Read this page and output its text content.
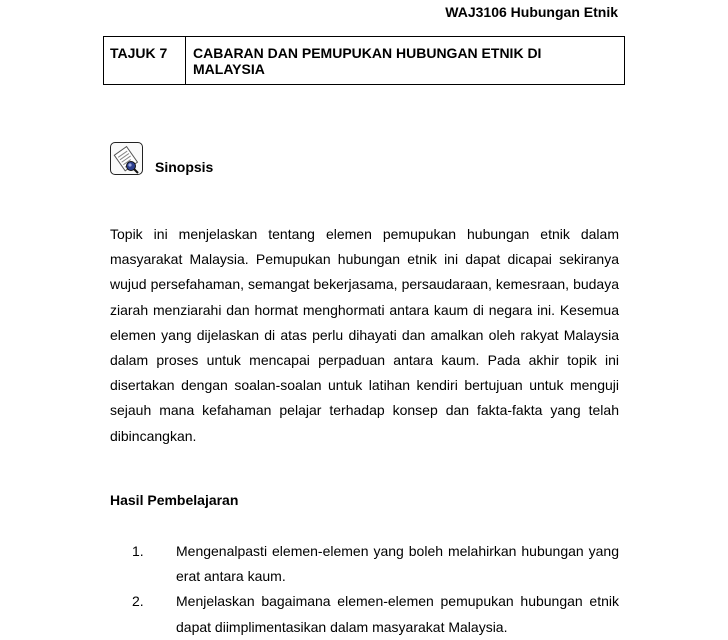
WAJ3106 Hubungan Etnik
TAJUK 7	CABARAN DAN PEMUPUKAN HUBUNGAN ETNIK DI MALAYSIA
Sinopsis
Topik ini menjelaskan tentang elemen pemupukan hubungan etnik dalam masyarakat Malaysia. Pemupukan hubungan etnik ini dapat dicapai sekiranya wujud persefahaman, semangat bekerjasama, persaudaraan, kemesraan, budaya ziarah menziarahi dan hormat menghormati antara kaum di negara ini. Kesemua elemen yang dijelaskan di atas perlu dihayati dan amalkan oleh rakyat Malaysia dalam proses untuk mencapai perpaduan antara kaum. Pada akhir topik ini disertakan dengan soalan-soalan untuk latihan kendiri bertujuan untuk menguji sejauh mana kefahaman pelajar terhadap konsep dan fakta-fakta yang telah dibincangkan.
Hasil Pembelajaran
1.	Mengenalpasti elemen-elemen yang boleh melahirkan hubungan yang erat antara kaum.
2.	Menjelaskan bagaimana elemen-elemen pemupukan hubungan etnik dapat diimplimentasikan dalam masyarakat Malaysia.
